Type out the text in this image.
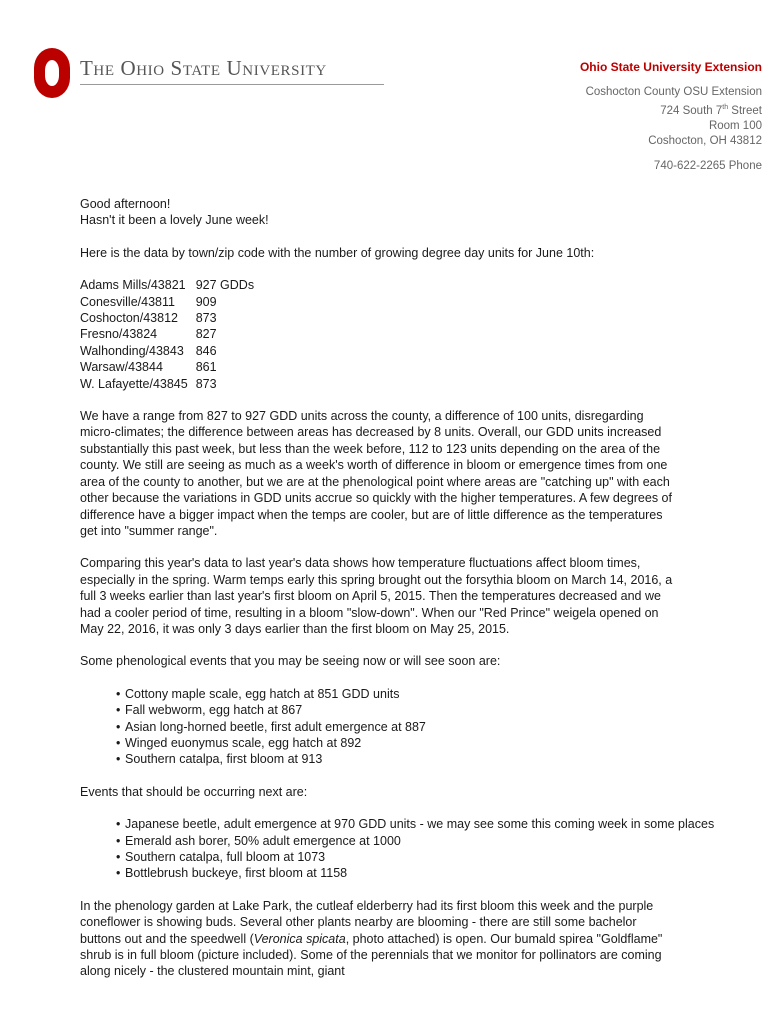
The Ohio State University	Ohio State University Extension
Coshocton County OSU Extension
724 South 7th Street
Room 100
Coshocton, OH 43812
740-622-2265 Phone
Good afternoon!
Hasn't it been a lovely June week!

Here is the data by town/zip code with the number of growing degree day units for June 10th:

Adams Mills/43821	927 GDDs
Conesville/43811	909
Coshocton/43812	873
Fresno/43824	827
Walhonding/43843	846
Warsaw/43844	861
W. Lafayette/43845	873

We have a range from 827 to 927 GDD units across the county, a difference of 100 units, disregarding micro-climates; the difference between areas has decreased by 8 units. Overall, our GDD units increased substantially this past week, but less than the week before, 112 to 123 units depending on the area of the county. We still are seeing as much as a week's worth of difference in bloom or emergence times from one area of the county to another, but we are at the phenological point where areas are "catching up" with each other because the variations in GDD units accrue so quickly with the higher temperatures. A few degrees of difference have a bigger impact when the temps are cooler, but are of little difference as the temperatures get into "summer range".

Comparing this year's data to last year's data shows how temperature fluctuations affect bloom times, especially in the spring. Warm temps early this spring brought out the forsythia bloom on March 14, 2016, a full 3 weeks earlier than last year's first bloom on April 5, 2015. Then the temperatures decreased and we had a cooler period of time, resulting in a bloom "slow-down". When our "Red Prince" weigela opened on May 22, 2016, it was only 3 days earlier than the first bloom on May 25, 2015.

Some phenological events that you may be seeing now or will see soon are:

• Cottony maple scale, egg hatch at 851 GDD units
• Fall webworm, egg hatch at 867
• Asian long-horned beetle, first adult emergence at 887
• Winged euonymus scale, egg hatch at 892
• Southern catalpa, first bloom at 913

Events that should be occurring next are:

• Japanese beetle, adult emergence at 970 GDD units - we may see some this coming week in some places
• Emerald ash borer, 50% adult emergence at 1000
• Southern catalpa, full bloom at 1073
• Bottlebrush buckeye, first bloom at 1158

In the phenology garden at Lake Park, the cutleaf elderberry had its first bloom this week and the purple coneflower is showing buds. Several other plants nearby are blooming - there are still some bachelor buttons out and the speedwell (Veronica spicata, photo attached) is open. Our bumald spirea "Goldflame" shrub is in full bloom (picture included). Some of the perennials that we monitor for pollinators are coming along nicely - the clustered mountain mint, giant
